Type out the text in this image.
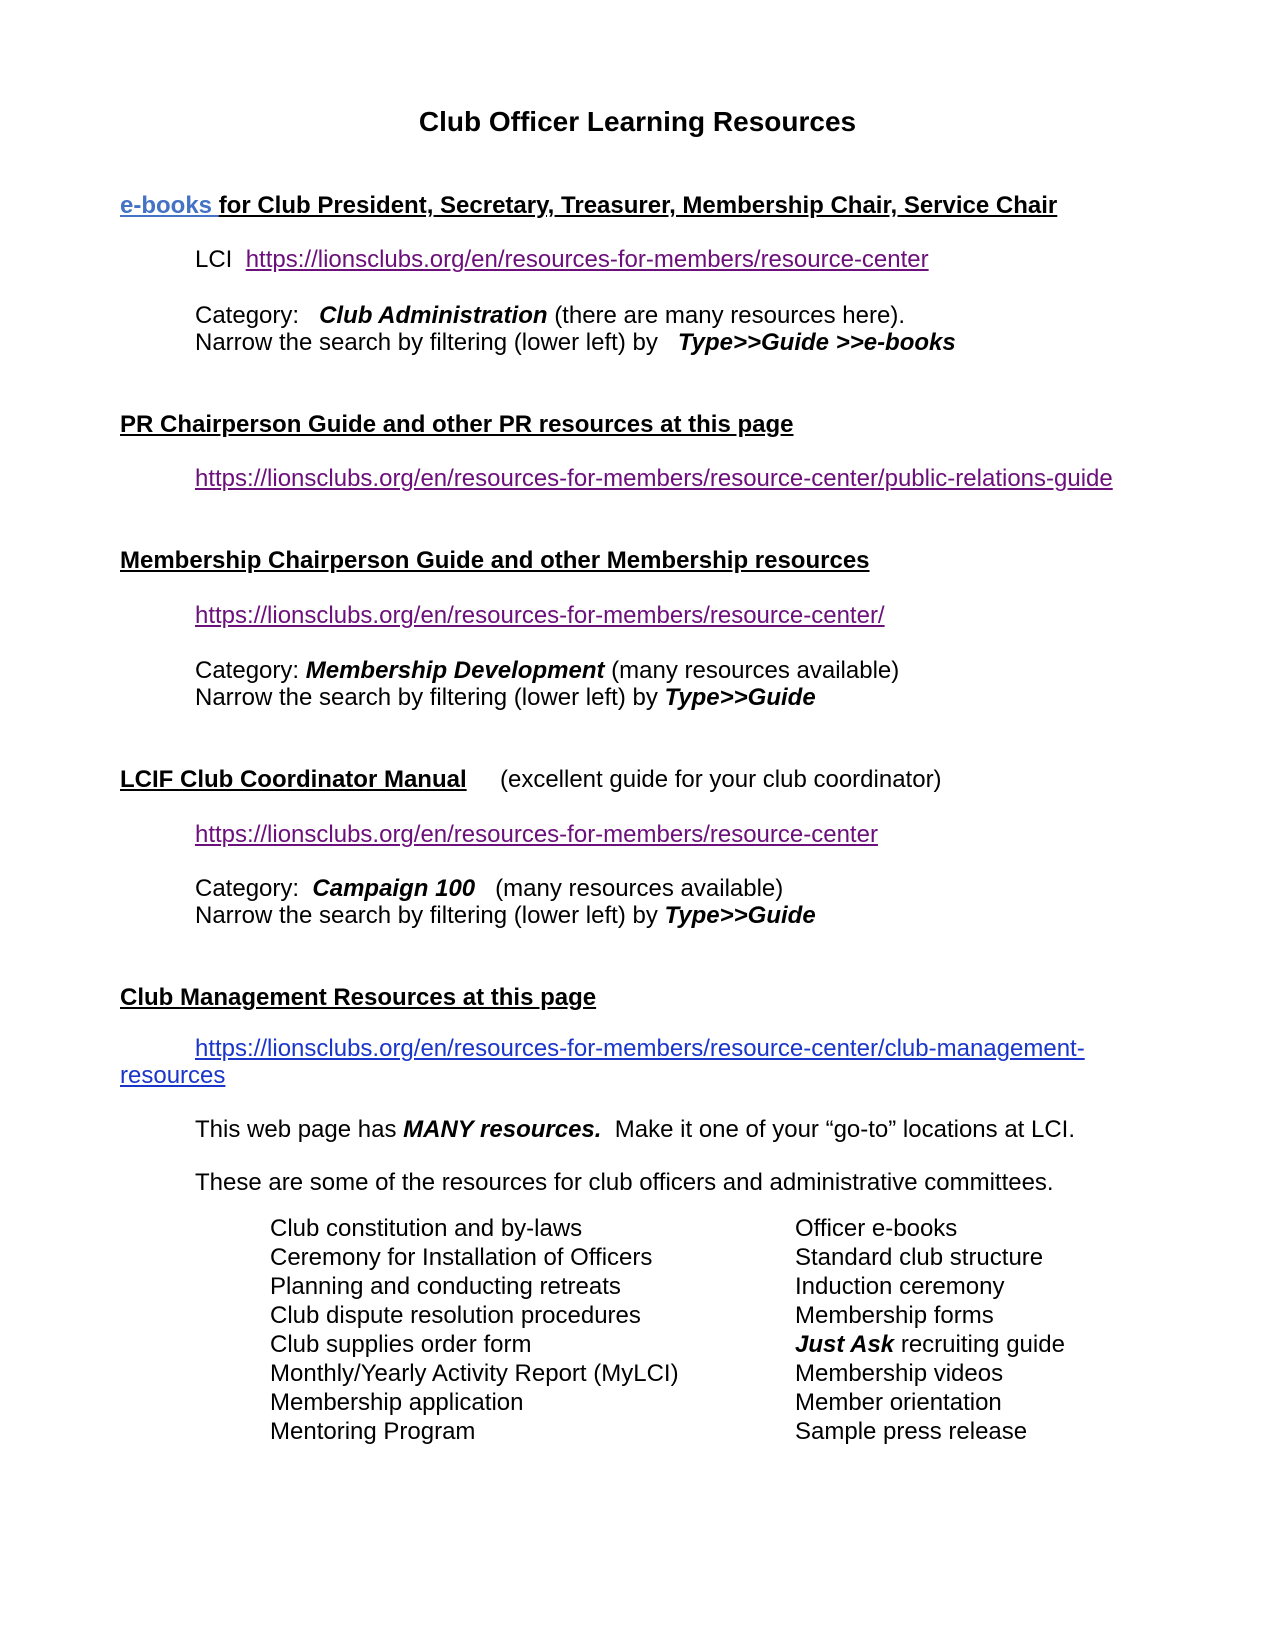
Club Officer Learning Resources
e-books for Club President, Secretary, Treasurer, Membership Chair, Service Chair
LCI https://lionsclubs.org/en/resources-for-members/resource-center
Category: Club Administration (there are many resources here).
Narrow the search by filtering (lower left) by Type>>Guide >>e-books
PR Chairperson Guide and other PR resources at this page
https://lionsclubs.org/en/resources-for-members/resource-center/public-relations-guide
Membership Chairperson Guide and other Membership resources
https://lionsclubs.org/en/resources-for-members/resource-center/
Category: Membership Development (many resources available)
Narrow the search by filtering (lower left) by Type>>Guide
LCIF Club Coordinator Manual (excellent guide for your club coordinator)
https://lionsclubs.org/en/resources-for-members/resource-center
Category: Campaign 100 (many resources available)
Narrow the search by filtering (lower left) by Type>>Guide
Club Management Resources at this page
https://lionsclubs.org/en/resources-for-members/resource-center/club-management-
resources
This web page has MANY resources. Make it one of your “go-to” locations at LCI.
These are some of the resources for club officers and administrative committees.
Club constitution and by-laws
Ceremony for Installation of Officers
Planning and conducting retreats
Club dispute resolution procedures
Club supplies order form
Monthly/Yearly Activity Report (MyLCI)
Membership application
Mentoring Program
Officer e-books
Standard club structure
Induction ceremony
Membership forms
Just Ask recruiting guide
Membership videos
Member orientation
Sample press release
